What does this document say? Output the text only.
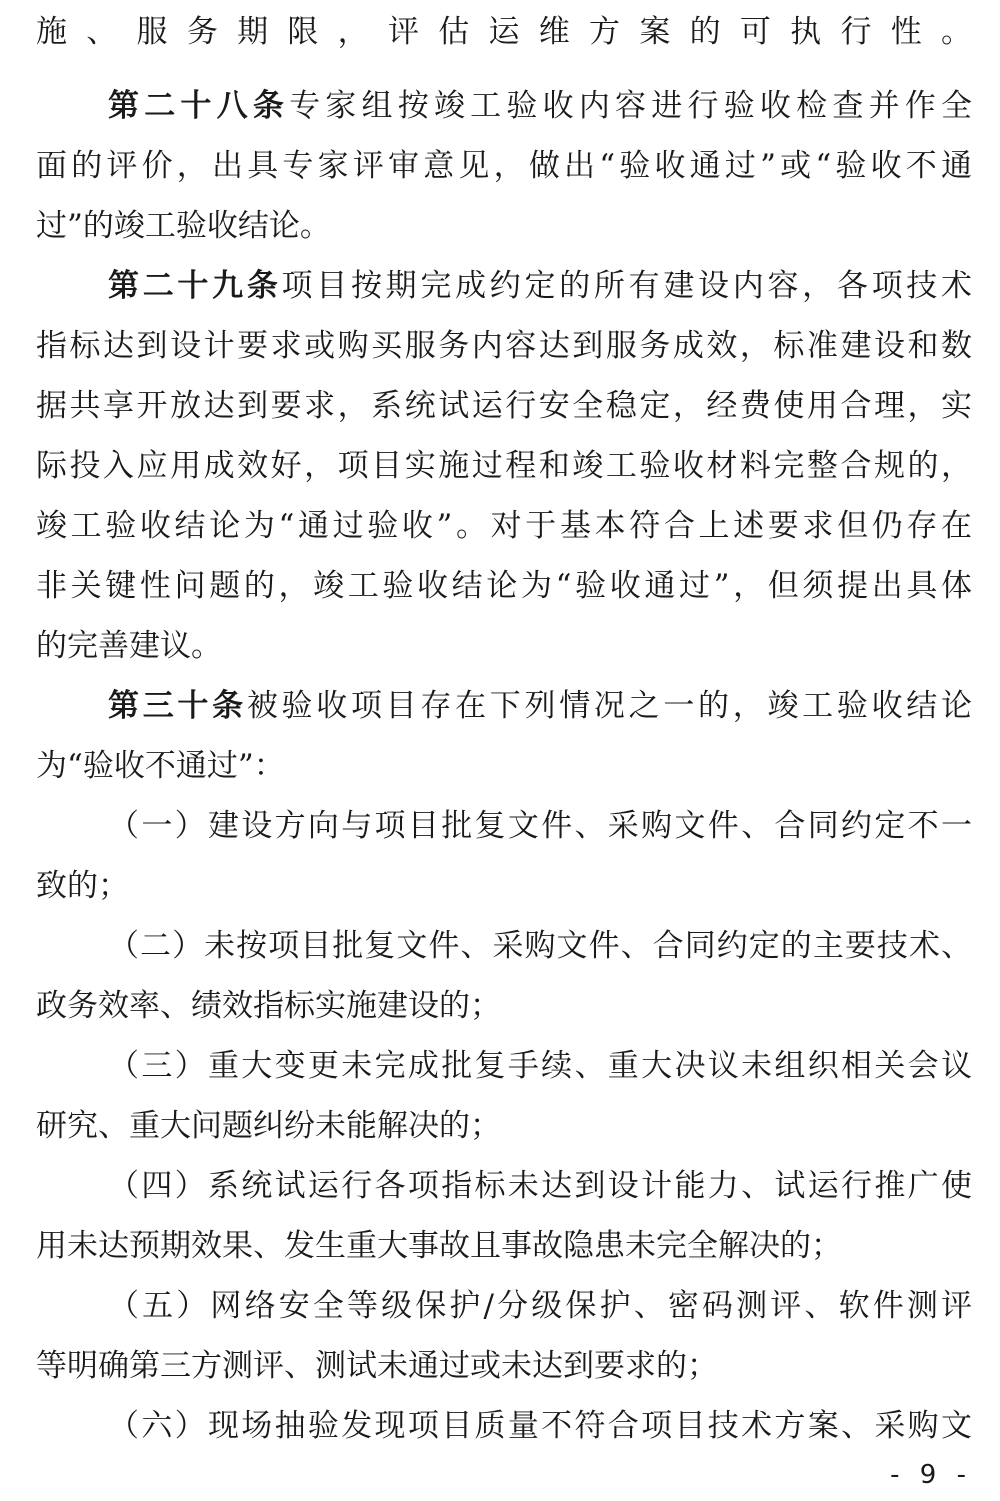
施、服务期限，评估运维方案的可执行性。
第二十八条专家组按竣工验收内容进行验收检查并作全
面的评价，出具专家评审意见，做出“验收通过”或“验收不通
过”的竣工验收结论。
第二十九条项目按期完成约定的所有建设内容，各项技术
指标达到设计要求或购买服务内容达到服务成效，标准建设和数
据共享开放达到要求，系统试运行安全稳定，经费使用合理，实
际投入应用成效好，项目实施过程和竣工验收材料完整合规的，
竣工验收结论为“通过验收”。对于基本符合上述要求但仍存在
非关键性问题的，竣工验收结论为“验收通过”，但须提出具体
的完善建议。
第三十条被验收项目存在下列情况之一的，竣工验收结论
为“验收不通过”：
（一）建设方向与项目批复文件、采购文件、合同约定不一
致的；
（二）未按项目批复文件、采购文件、合同约定的主要技术、
政务效率、绩效指标实施建设的；
（三）重大变更未完成批复手续、重大决议未组织相关会议
研究、重大问题纠纷未能解决的；
（四）系统试运行各项指标未达到设计能力、试运行推广使
用未达预期效果、发生重大事故且事故隐患未完全解决的；
（五）网络安全等级保护/分级保护、密码测评、软件测评
等明确第三方测评、测试未通过或未达到要求的；
（六）现场抽验发现项目质量不符合项目技术方案、采购文
- 9 -
